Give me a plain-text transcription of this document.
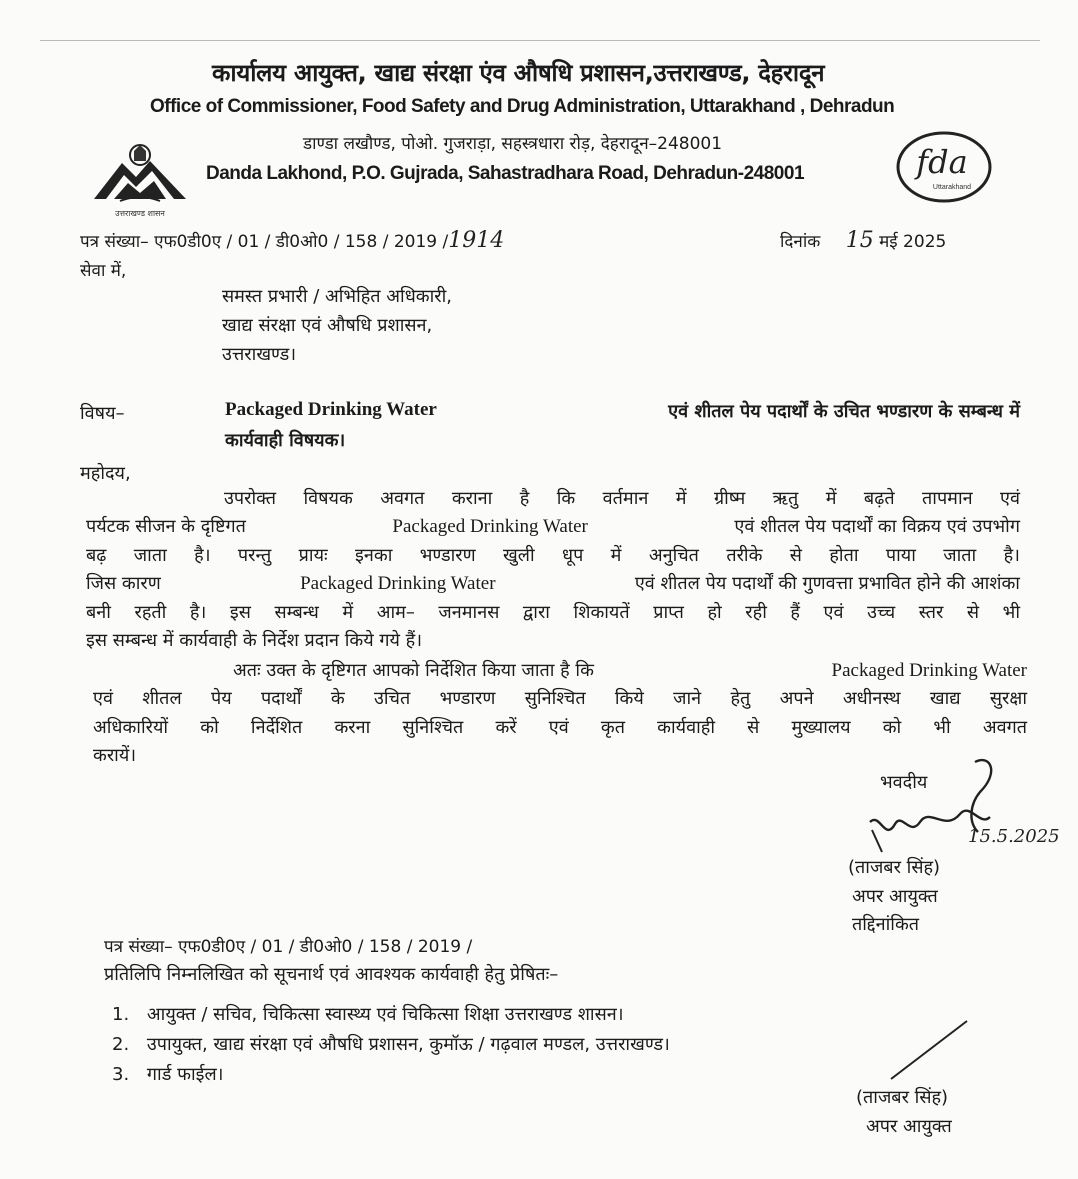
उत्तराखण्ड शासन
fda
Uttarakhand
कार्यालय आयुक्त, खाद्य संरक्षा एंव औषधि प्रशासन,उत्तराखण्ड, देहरादून
Office of Commissioner, Food Safety and Drug Administration, Uttarakhand , Dehradun
डाण्डा लखौण्ड, पोओ. गुजराड़ा, सहस्त्रधारा रोड़, देहरादून–248001
Danda Lakhond, P.O. Gujrada, Sahastradhara Road, Dehradun-248001
पत्र संख्या– एफ0डी0ए / 01 / डी0ओ0 / 158 / 2019 /1914	दिनांक 15 मई 2025
सेवा में,
समस्त प्रभारी / अभिहित अधिकारी,
खाद्य संरक्षा एवं औषधि प्रशासन,
उत्तराखण्ड।
विषय–	Packaged Drinking Water	एवं शीतल पेय पदार्थों के उचित भण्डारण के सम्बन्ध में
कार्यवाही विषयक।
महोदय,
उपरोक्त विषयक अवगत कराना है कि वर्तमान में ग्रीष्म ऋतु में बढ़ते तापमान एवं
पर्यटक सीजन के दृष्टिगत	Packaged Drinking Water	एवं शीतल पेय पदार्थों का विक्रय एवं उपभोग
बढ़ जाता है। परन्तु प्रायः इनका भण्डारण खुली धूप में अनुचित तरीके से होता पाया जाता है।
जिस कारण	Packaged Drinking Water	एवं शीतल पेय पदार्थों की गुणवत्ता प्रभावित होने की आशंका
बनी रहती है। इस सम्बन्ध में आम– जनमानस द्वारा शिकायतें प्राप्त हो रही हैं एवं उच्च स्तर से भी
इस सम्बन्ध में कार्यवाही के निर्देश प्रदान किये गये हैं।
अतः उक्त के दृष्टिगत आपको निर्देशित किया जाता है कि	Packaged Drinking Water
एवं शीतल पेय पदार्थों के उचित भण्डारण सुनिश्चित किये जाने हेतु अपने अधीनस्थ खाद्य सुरक्षा
अधिकारियों को निर्देशित करना सुनिश्चित करें एवं कृत कार्यवाही से मुख्यालय को भी अवगत
करायें।
भवदीय
15.5.2025
(ताजबर सिंह)
अपर आयुक्त
तद्दिनांकित
पत्र संख्या– एफ0डी0ए / 01 / डी0ओ0 / 158 / 2019 /
प्रतिलिपि निम्नलिखित को सूचनार्थ एवं आवश्यक कार्यवाही हेतु प्रेषितः–
1. आयुक्त / सचिव, चिकित्सा स्वास्थ्य एवं चिकित्सा शिक्षा उत्तराखण्ड शासन।
2. उपायुक्त, खाद्य संरक्षा एवं औषधि प्रशासन, कुमॉऊ / गढ़वाल मण्डल, उत्तराखण्ड।
3. गार्ड फाईल।
(ताजबर सिंह)
अपर आयुक्त
